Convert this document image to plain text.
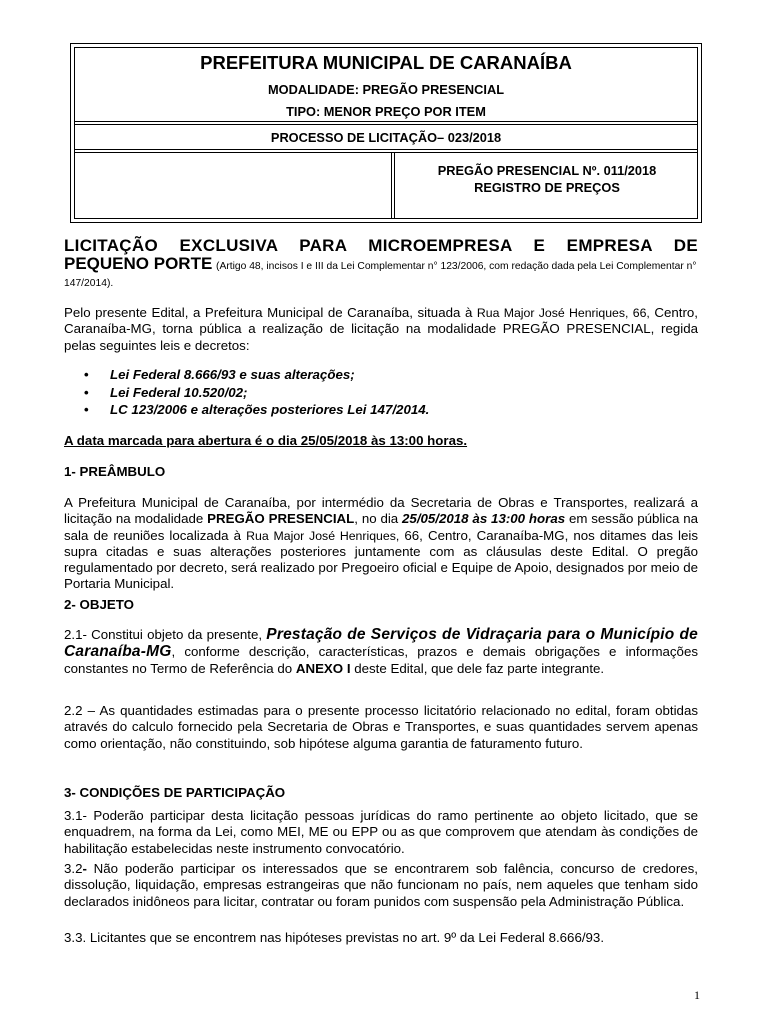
PREFEITURA MUNICIPAL DE CARANAÍBA
MODALIDADE: PREGÃO PRESENCIAL
TIPO: MENOR PREÇO POR ITEM
PROCESSO DE LICITAÇÃO– 023/2018
PREGÃO PRESENCIAL Nº. 011/2018
REGISTRO DE PREÇOS
LICITAÇÃO EXCLUSIVA PARA MICROEMPRESA E EMPRESA DE
PEQUENO PORTE (Artigo 48, incisos I e III da Lei Complementar n° 123/2006, com redação dada pela Lei Complementar n° 147/2014).
Pelo presente Edital, a Prefeitura Municipal de Caranaíba, situada à Rua Major José Henriques, 66, Centro, Caranaíba-MG, torna pública a realização de licitação na modalidade PREGÃO PRESENCIAL, regida pelas seguintes leis e decretos:
• Lei Federal 8.666/93 e suas alterações;
• Lei Federal 10.520/02;
• LC 123/2006 e alterações posteriores Lei 147/2014.
A data marcada para abertura é o dia 25/05/2018 às 13:00 horas.
1- PREÂMBULO
A Prefeitura Municipal de Caranaíba, por intermédio da Secretaria de Obras e Transportes, realizará a licitação na modalidade PREGÃO PRESENCIAL, no dia 25/05/2018 às 13:00 horas em sessão pública na sala de reuniões localizada à Rua Major José Henriques, 66, Centro, Caranaíba-MG, nos ditames das leis supra citadas e suas alterações posteriores juntamente com as cláusulas deste Edital. O pregão regulamentado por decreto, será realizado por Pregoeiro oficial e Equipe de Apoio, designados por meio de Portaria Municipal.
2- OBJETO
2.1- Constitui objeto da presente, Prestação de Serviços de Vidraçaria para o Município de Caranaíba-MG, conforme descrição, características, prazos e demais obrigações e informações constantes no Termo de Referência do ANEXO I deste Edital, que dele faz parte integrante.
2.2 – As quantidades estimadas para o presente processo licitatório relacionado no edital, foram obtidas através do calculo fornecido pela Secretaria de Obras e Transportes, e suas quantidades servem apenas como orientação, não constituindo, sob hipótese alguma garantia de faturamento futuro.
3- CONDIÇÕES DE PARTICIPAÇÃO
3.1- Poderão participar desta licitação pessoas jurídicas do ramo pertinente ao objeto licitado, que se enquadrem, na forma da Lei, como MEI, ME ou EPP ou as que comprovem que atendam às condições de habilitação estabelecidas neste instrumento convocatório.
3.2- Não poderão participar os interessados que se encontrarem sob falência, concurso de credores, dissolução, liquidação, empresas estrangeiras que não funcionam no país, nem aqueles que tenham sido declarados inidôneos para licitar, contratar ou foram punidos com suspensão pela Administração Pública.
3.3. Licitantes que se encontrem nas hipóteses previstas no art. 9º da Lei Federal 8.666/93.
1
